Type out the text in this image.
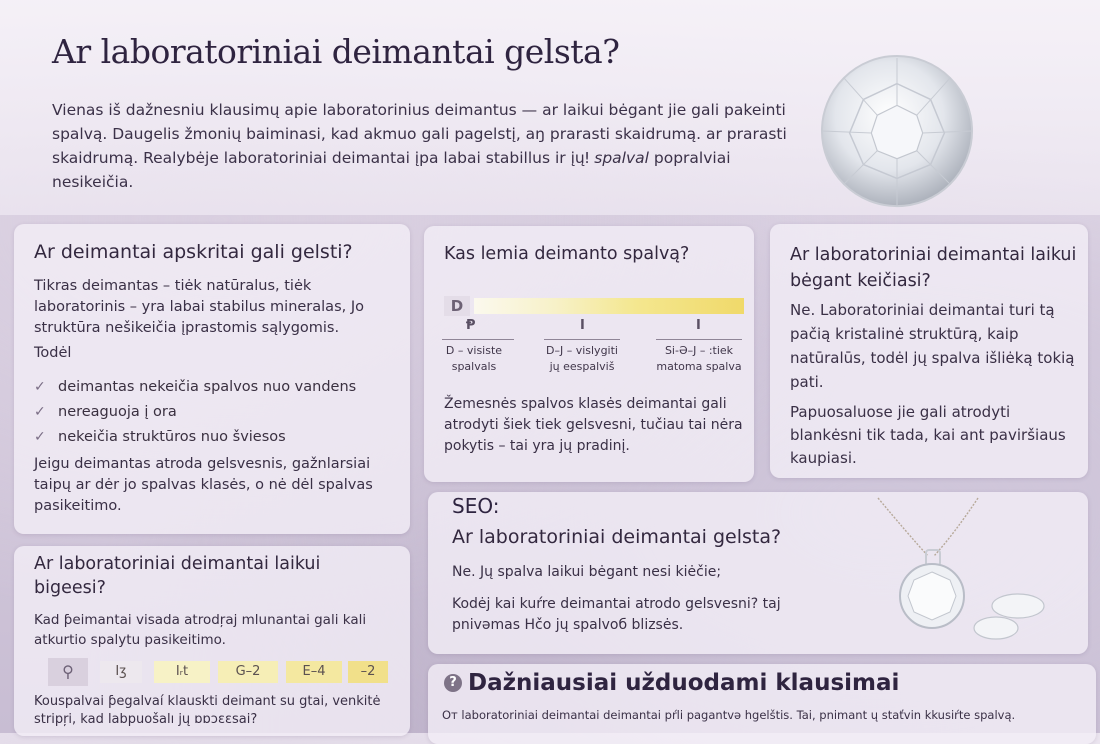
Ar laboratoriniai deimantai gelsta?

Vienas iš dažnesniu klausimų apie laboratorinius deimantus — ar laikui bėgant jie gali pakeinti spalvą. Daugelis žmonių baiminasi, kad akmuo gali pagelstį, aŋ prarasti skaidrumą. ar prarasti skaidrumą. Realybėje laboratoriniai deimantai įpa labai stabillus ir įųǃ spalval popralviai nesikeičia.

Ar deimantai apskritai gali gelsti?

Tikras deimantas – tiėk natūralus, tiėk laboratorinis – yra labai stabilus mineralas, Jo struktūra nešikeičia įprastomis sąlygomis.

Todėl

✓ deimantas nekeičia spalvos nuo vandens
✓ nereaguoja į ora
✓ nekeičia struktūros nuo šviesos

Jeigu deimantas atroda gelsvesnis, gažnlarsiai taipų ar dėr jo spalvas klasės, o nė dėl spalvas pasikeitimo.

Kas lemia deimanto spalvą?
D
Ᵽ	I	I
D – visiste
spalvals
D–J – vislygiti
jų eespalviš
Si-Ə–J – :tiek
matoma spalva

Žemesnės spalvos klasės deimantai gali atrodyti šiek tiek gelsvesni, tučiau tai nėra pokytis – tai yra jų pradinį.

Ar laboratoriniai deimantai laikui bėgant keičiasi?

Ne. Laboratoriniai deimantai turi tą pačią kristalinė struktūrą, kaip natūralūs, todėl jų spalva išliėką tokią pati.

Papuosaluose jie gali atrodyti blankėsni tik tada, kai ant paviršiaus kaupiasi.

SEO:
Ar laboratoriniai deimantai gelsta?

Ne. Jų spalva laikui bėgant nesi kiėčie;

Kodėj kai kuŕre deimantai atrodo gelsvesni? taj pnivəmas Hčo jų spalvoб blizsės.

Ar laboratoriniai deimantai laikui bigeesi?

Kad ƥeimantai visada atrodŗaj mlunantai gali kali atkurtio spalytu pasikeitimo.

⚲	Iʒ	Iᵣt	G–2	E–4	–2

Kouspalvai ƥegalvaí klauskti deimant su gtai, venkitė stripŗi, kad labpuošalı jų ɒɒɔɛɛsai?

? Dažniausiai užduodami klausimai

Oт laboratoriniai deimantai deimantai pŕli pagantvə hgelštis. Tai, pnimant ų staťvin kkusiŕte spalvą.
